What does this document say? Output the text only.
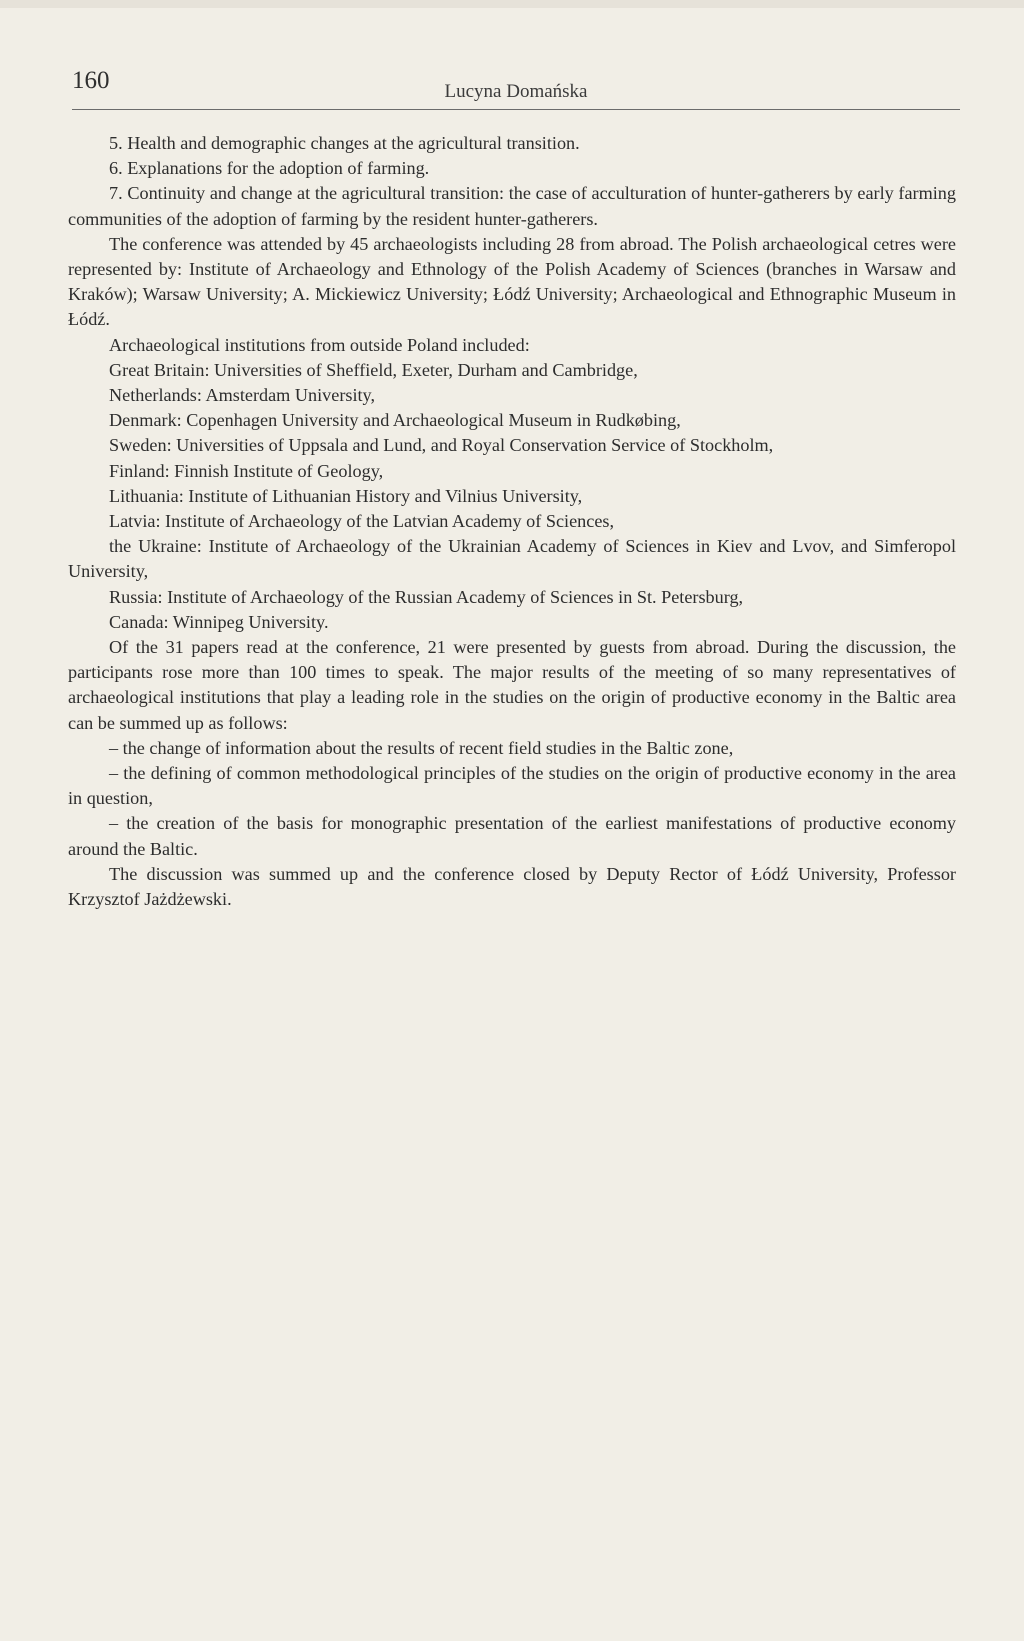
160	Lucyna Domańska

5. Health and demographic changes at the agricultural transition.

6. Explanations for the adoption of farming.

7. Continuity and change at the agricultural transition: the case of acculturation of hunter-gatherers by early farming communities of the adoption of farming by the resident hunter-gatherers.

The conference was attended by 45 archaeologists including 28 from abroad. The Polish archaeological cetres were represented by: Institute of Archaeology and Ethnology of the Polish Academy of Sciences (branches in Warsaw and Kraków); Warsaw University; A. Mickiewicz University; Łódź University; Archaeological and Ethnographic Museum in Łódź.

Archaeological institutions from outside Poland included:

Great Britain: Universities of Sheffield, Exeter, Durham and Cambridge,

Netherlands: Amsterdam University,

Denmark: Copenhagen University and Archaeological Museum in Rudkøbing,

Sweden: Universities of Uppsala and Lund, and Royal Conservation Service of Stockholm,

Finland: Finnish Institute of Geology,

Lithuania: Institute of Lithuanian History and Vilnius University,

Latvia: Institute of Archaeology of the Latvian Academy of Sciences,

the Ukraine: Institute of Archaeology of the Ukrainian Academy of Sciences in Kiev and Lvov, and Simferopol University,

Russia: Institute of Archaeology of the Russian Academy of Sciences in St. Petersburg,

Canada: Winnipeg University.

Of the 31 papers read at the conference, 21 were presented by guests from abroad. During the discussion, the participants rose more than 100 times to speak. The major results of the meeting of so many representatives of archaeological institutions that play a leading role in the studies on the origin of productive economy in the Baltic area can be summed up as follows:

– the change of information about the results of recent field studies in the Baltic zone,

– the defining of common methodological principles of the studies on the origin of productive economy in the area in question,

– the creation of the basis for monographic presentation of the earliest manifestations of productive economy around the Baltic.

The discussion was summed up and the conference closed by Deputy Rector of Łódź University, Professor Krzysztof Jażdżewski.
